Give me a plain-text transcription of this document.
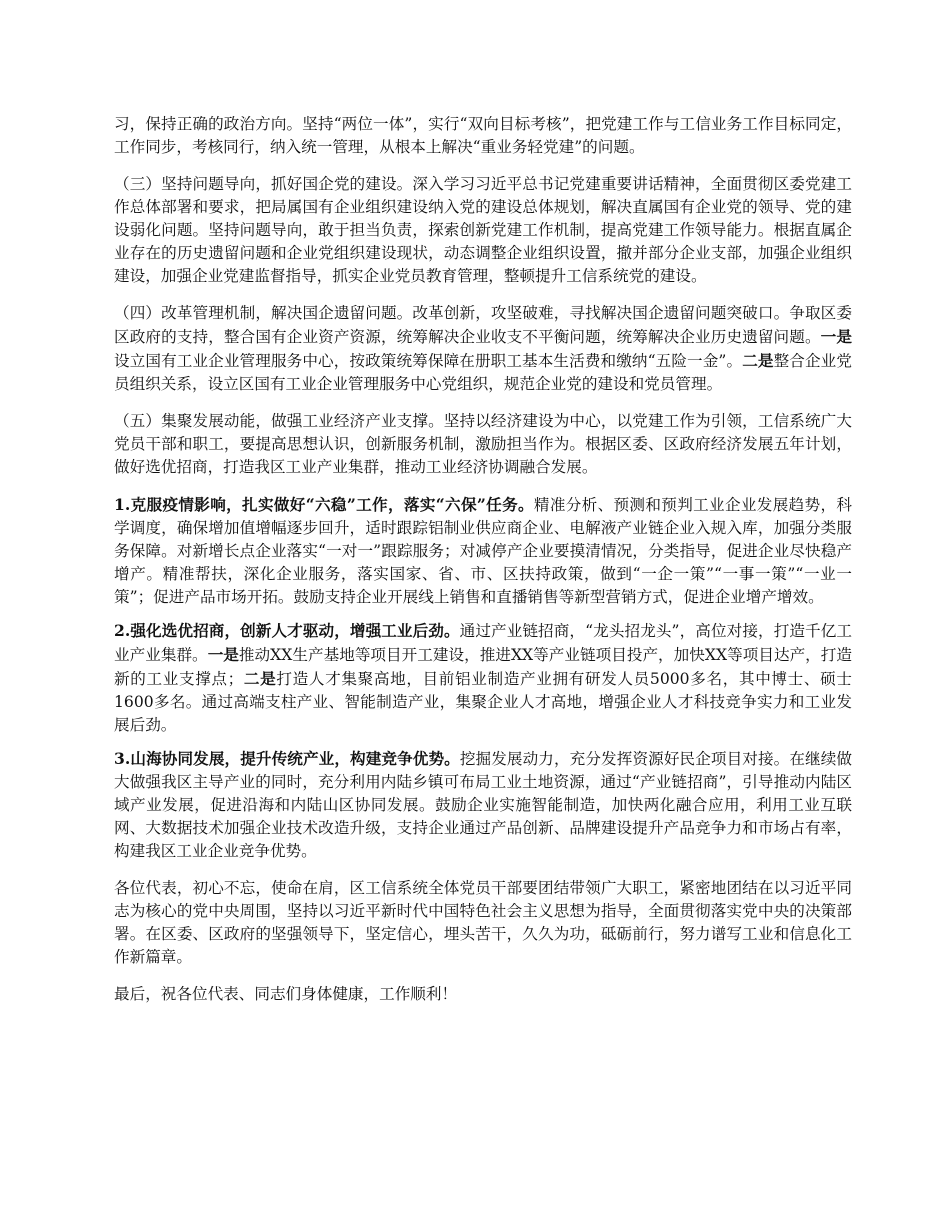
习，保持正确的政治方向。坚持“两位一体”，实行“双向目标考核”，把党建工作与工信业务工作目标同定，工作同步，考核同行，纳入统一管理，从根本上解决“重业务轻党建”的问题。

（三）坚持问题导向，抓好国企党的建设。深入学习习近平总书记党建重要讲话精神，全面贯彻区委党建工作总体部署和要求，把局属国有企业组织建设纳入党的建设总体规划，解决直属国有企业党的领导、党的建设弱化问题。坚持问题导向，敢于担当负责，探索创新党建工作机制，提高党建工作领导能力。根据直属企业存在的历史遗留问题和企业党组织建设现状，动态调整企业组织设置，撤并部分企业支部，加强企业组织建设，加强企业党建监督指导，抓实企业党员教育管理，整顿提升工信系统党的建设。

（四）改革管理机制，解决国企遗留问题。改革创新，攻坚破难，寻找解决国企遗留问题突破口。争取区委区政府的支持，整合国有企业资产资源，统筹解决企业收支不平衡问题，统筹解决企业历史遗留问题。一是设立国有工业企业管理服务中心，按政策统筹保障在册职工基本生活费和缴纳“五险一金”。二是整合企业党员组织关系，设立区国有工业企业管理服务中心党组织，规范企业党的建设和党员管理。

（五）集聚发展动能，做强工业经济产业支撑。坚持以经济建设为中心，以党建工作为引领，工信系统广大党员干部和职工，要提高思想认识，创新服务机制，激励担当作为。根据区委、区政府经济发展五年计划，做好选优招商，打造我区工业产业集群，推动工业经济协调融合发展。

1.克服疫情影响，扎实做好“六稳”工作，落实“六保”任务。精准分析、预测和预判工业企业发展趋势，科学调度，确保增加值增幅逐步回升，适时跟踪铝制业供应商企业、电解液产业链企业入规入库，加强分类服务保障。对新增长点企业落实“一对一”跟踪服务；对减停产企业要摸清情况，分类指导，促进企业尽快稳产增产。精准帮扶，深化企业服务，落实国家、省、市、区扶持政策，做到“一企一策”“一事一策”“一业一策”；促进产品市场开拓。鼓励支持企业开展线上销售和直播销售等新型营销方式，促进企业增产增效。

2.强化选优招商，创新人才驱动，增强工业后劲。通过产业链招商，“龙头招龙头”，高位对接，打造千亿工业产业集群。一是推动XX生产基地等项目开工建设，推进XX等产业链项目投产，加快XX等项目达产，打造新的工业支撑点；二是打造人才集聚高地，目前铝业制造产业拥有研发人员5000多名，其中博士、硕士1600多名。通过高端支柱产业、智能制造产业，集聚企业人才高地，增强企业人才科技竞争实力和工业发展后劲。

3.山海协同发展，提升传统产业，构建竞争优势。挖掘发展动力，充分发挥资源好民企项目对接。在继续做大做强我区主导产业的同时，充分利用内陆乡镇可布局工业土地资源，通过“产业链招商”，引导推动内陆区域产业发展，促进沿海和内陆山区协同发展。鼓励企业实施智能制造，加快两化融合应用，利用工业互联网、大数据技术加强企业技术改造升级，支持企业通过产品创新、品牌建设提升产品竞争力和市场占有率，构建我区工业企业竞争优势。

各位代表，初心不忘，使命在肩，区工信系统全体党员干部要团结带领广大职工，紧密地团结在以习近平同志为核心的党中央周围，坚持以习近平新时代中国特色社会主义思想为指导，全面贯彻落实党中央的决策部署。在区委、区政府的坚强领导下，坚定信心，埋头苦干，久久为功，砥砺前行，努力谱写工业和信息化工作新篇章。

最后，祝各位代表、同志们身体健康，工作顺利！
